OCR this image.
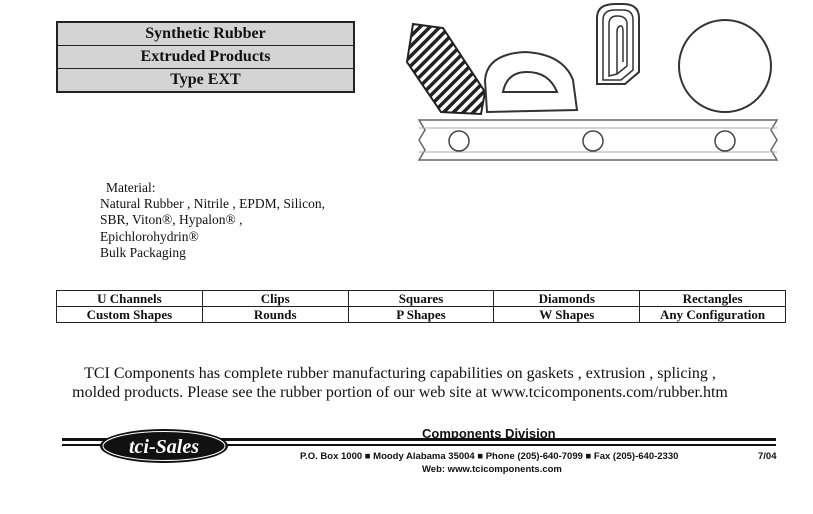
Synthetic Rubber
Extruded Products
Type EXT
Material:
Natural Rubber , Nitrile , EPDM, Silicon,
SBR, Viton®, Hypalon® ,
Epichlorohydrin®
Bulk Packaging
U Channels	Clips	Squares	Diamonds	Rectangles
Custom Shapes	Rounds	P Shapes	W Shapes	Any Configuration
TCI Components has complete rubber manufacturing capabilities on gaskets , extrusion , splicing ,
molded products. Please see the rubber portion of our web site at www.tcicomponents.com/rubber.htm
tci-Sales
Components Division
P.O. Box 1000 ■ Moody Alabama 35004 ■ Phone (205)-640-7099 ■ Fax (205)-640-2330
Web: www.tcicomponents.com
7/04
